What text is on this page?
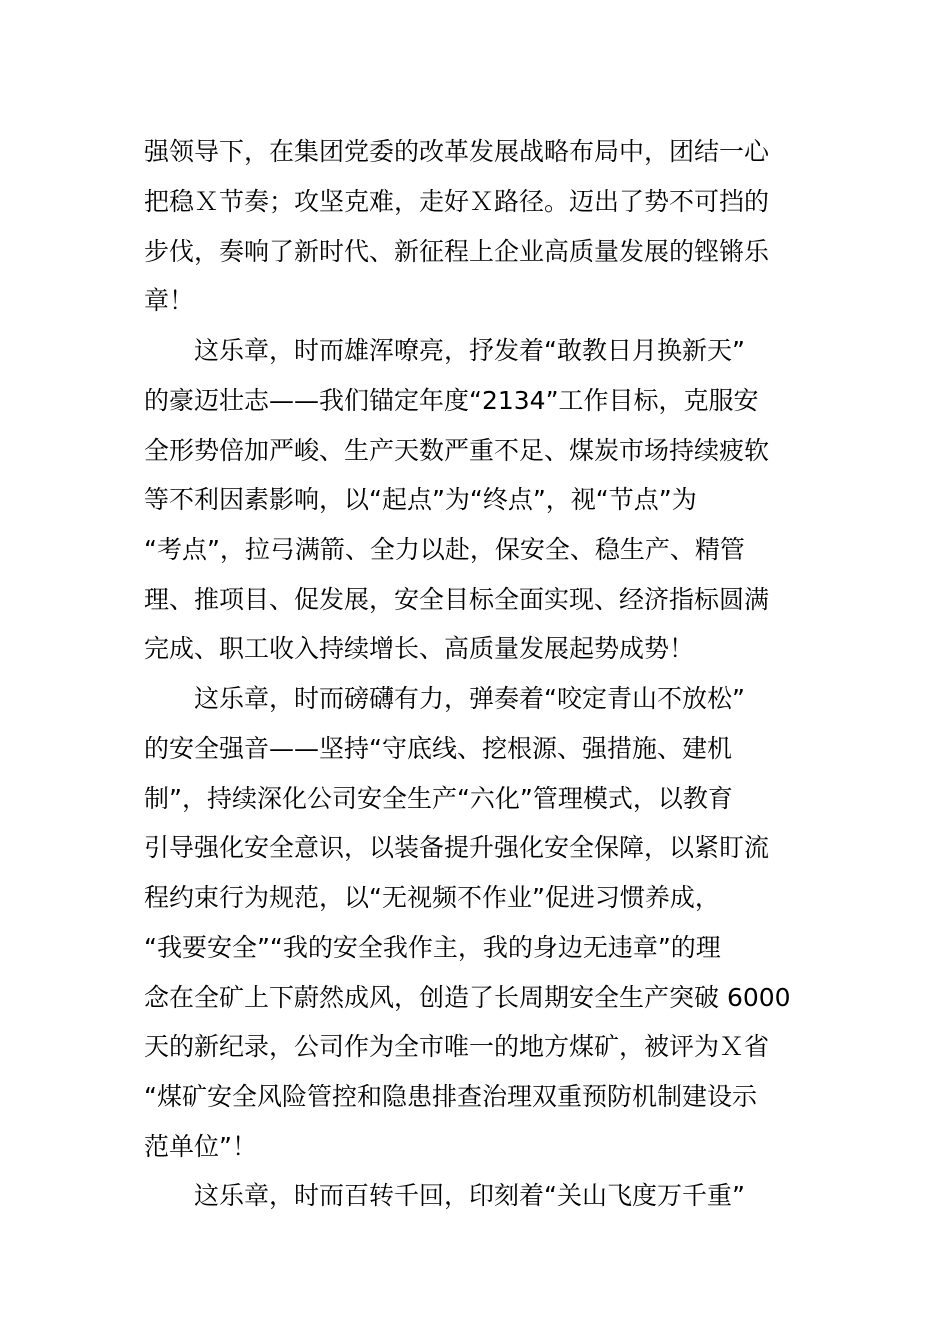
强领导下，在集团党委的改革发展战略布局中，团结一心
把稳Ｘ节奏；攻坚克难，走好Ｘ路径。迈出了势不可挡的
步伐，奏响了新时代、新征程上企业高质量发展的铿锵乐
章！
这乐章，时而雄浑嘹亮，抒发着“敢教日月换新天”
的豪迈壮志——我们锚定年度“2134”工作目标，克服安
全形势倍加严峻、生产天数严重不足、煤炭市场持续疲软
等不利因素影响，以“起点”为“终点”，视“节点”为
“考点”，拉弓满箭、全力以赴，保安全、稳生产、精管
理、推项目、促发展，安全目标全面实现、经济指标圆满
完成、职工收入持续增长、高质量发展起势成势！
这乐章，时而磅礴有力，弹奏着“咬定青山不放松”
的安全强音——坚持“守底线、挖根源、强措施、建机
制”，持续深化公司安全生产“六化”管理模式，以教育
引导强化安全意识，以装备提升强化安全保障，以紧盯流
程约束行为规范，以“无视频不作业”促进习惯养成，
“我要安全”“我的安全我作主，我的身边无违章”的理
念在全矿上下蔚然成风，创造了长周期安全生产突破 6000
天的新纪录，公司作为全市唯一的地方煤矿，被评为Ｘ省
“煤矿安全风险管控和隐患排查治理双重预防机制建设示
范单位”！
这乐章，时而百转千回，印刻着“关山飞度万千重”
